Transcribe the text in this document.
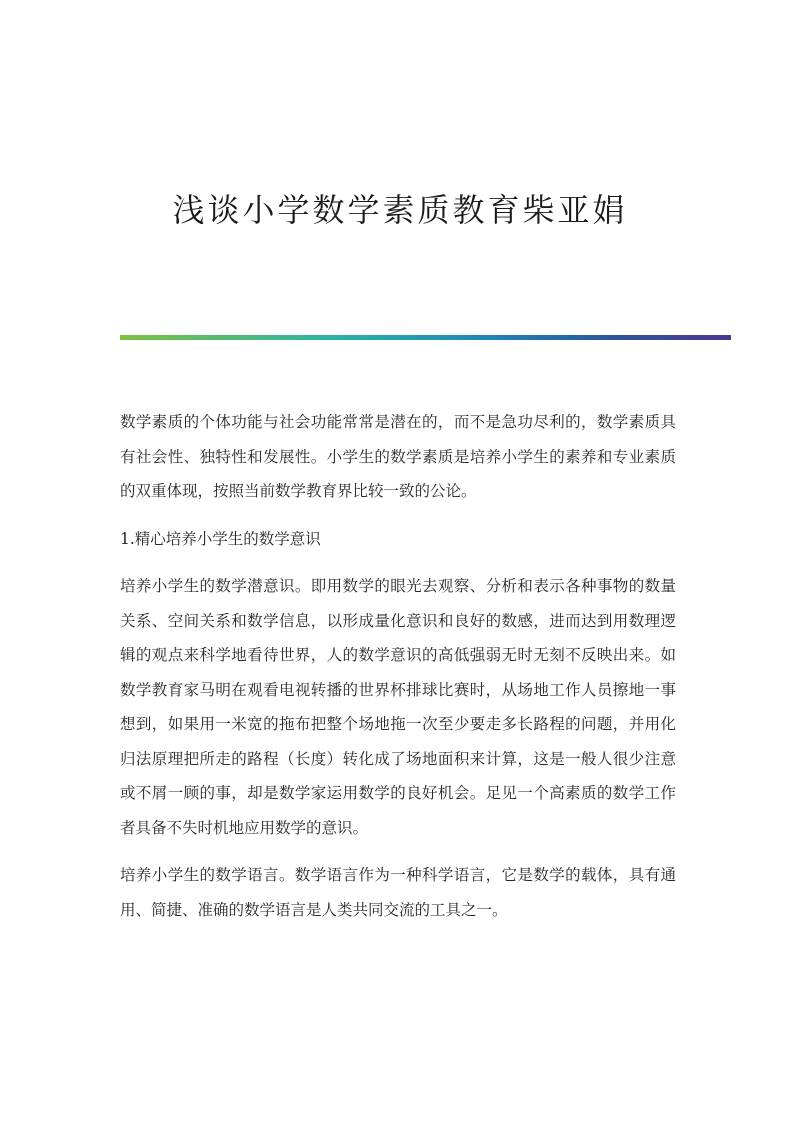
浅谈小学数学素质教育柴亚娟

数学素质的个体功能与社会功能常常是潜在的，而不是急功尽利的，数学素质具有社会性、独特性和发展性。小学生的数学素质是培养小学生的素养和专业素质的双重体现，按照当前数学教育界比较一致的公论。

1.精心培养小学生的数学意识

培养小学生的数学潜意识。即用数学的眼光去观察、分析和表示各种事物的数量关系、空间关系和数学信息，以形成量化意识和良好的数感，进而达到用数理逻辑的观点来科学地看待世界，人的数学意识的高低强弱无时无刻不反映出来。如数学教育家马明在观看电视转播的世界杯排球比赛时，从场地工作人员擦地一事想到，如果用一米宽的拖布把整个场地拖一次至少要走多长路程的问题，并用化归法原理把所走的路程（长度）转化成了场地面积来计算，这是一般人很少注意或不屑一顾的事，却是数学家运用数学的良好机会。足见一个高素质的数学工作者具备不失时机地应用数学的意识。

培养小学生的数学语言。数学语言作为一种科学语言，它是数学的载体，具有通用、简捷、准确的数学语言是人类共同交流的工具之一。
